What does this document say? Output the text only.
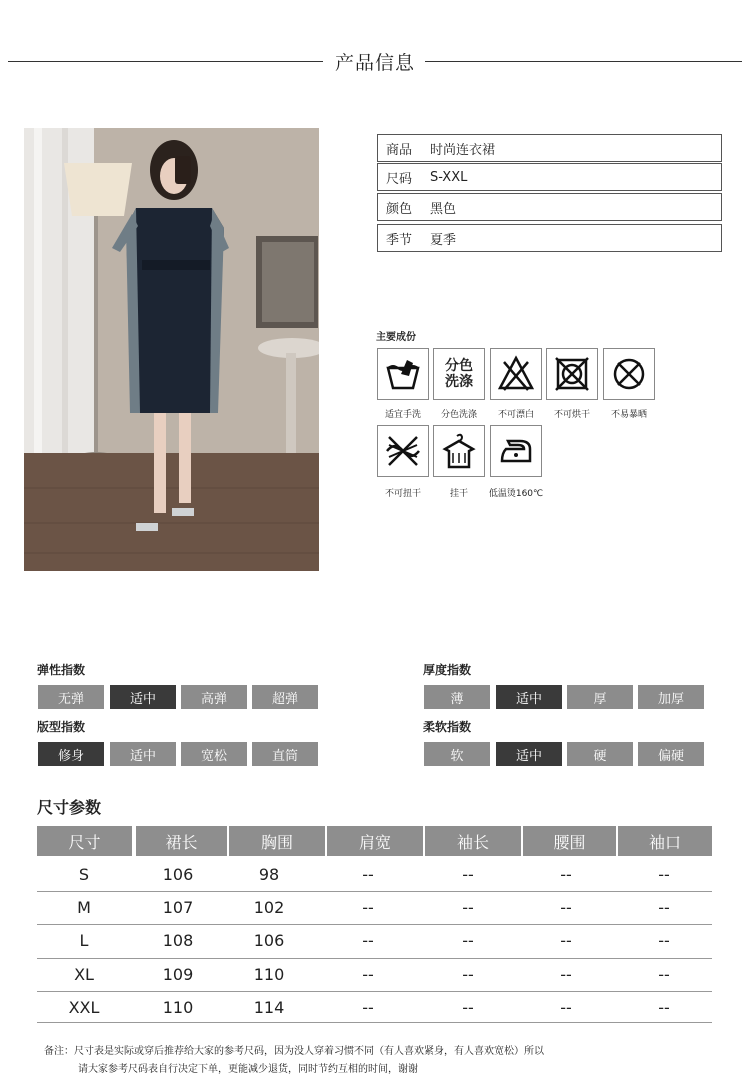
产品信息
商品	时尚连衣裙
尺码	S-XXL
颜色	黑色
季节	夏季
主要成份
分色
洗涤
适宜手洗	分色洗涤	不可漂白	不可烘干	不易暴晒
不可扭干	挂干	低温烫160℃
弹性指数
无弹	适中	高弹	超弹
版型指数
修身	适中	宽松	直筒
厚度指数
薄	适中	厚	加厚
柔软指数
软	适中	硬	偏硬
尺寸参数
尺寸	裙长	胸围	肩宽	袖长	腰围	袖口
S	106	98	--	--	--	--
M	107	102	--	--	--	--
L	108	106	--	--	--	--
XL	109	110	--	--	--	--
XXL	110	114	--	--	--	--
备注：尺寸表是实际或穿后推荐给大家的参考尺码，因为没人穿着习惯不同（有人喜欢紧身，有人喜欢宽松）所以
请大家参考尺码表自行决定下单，更能减少退货，同时节约互相的时间，谢谢
